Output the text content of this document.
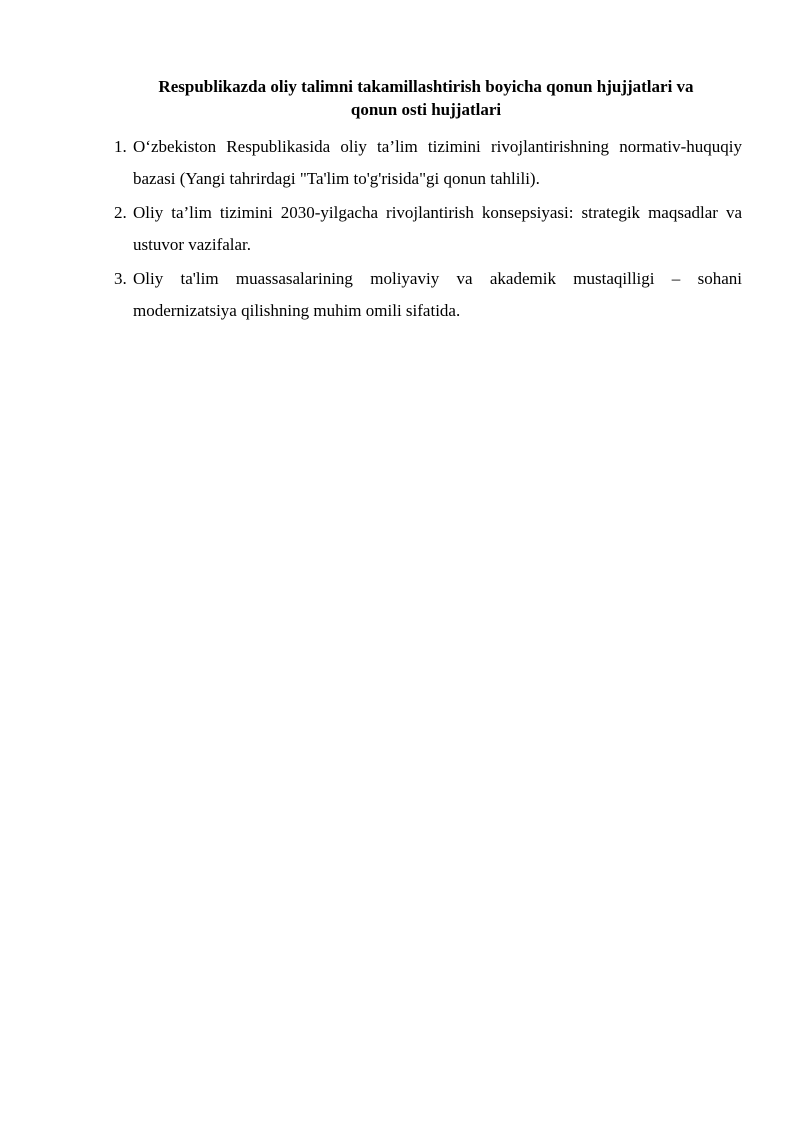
Respublikazda oliy talimni takamillashtirish boyicha qonun hjujjatlari va
qonun osti hujjatlari
1. O‘zbekiston Respublikasida oliy ta’lim tizimini rivojlantirishning normativ-huquqiy bazasi (Yangi tahrirdagi "Ta'lim to'g'risida"gi qonun tahlili).
2. Oliy ta’lim tizimini 2030-yilgacha rivojlantirish konsepsiyasi: strategik maqsadlar va ustuvor vazifalar.
3. Oliy ta'lim muassasalarining moliyaviy va akademik mustaqilligi – sohani modernizatsiya qilishning muhim omili sifatida.
